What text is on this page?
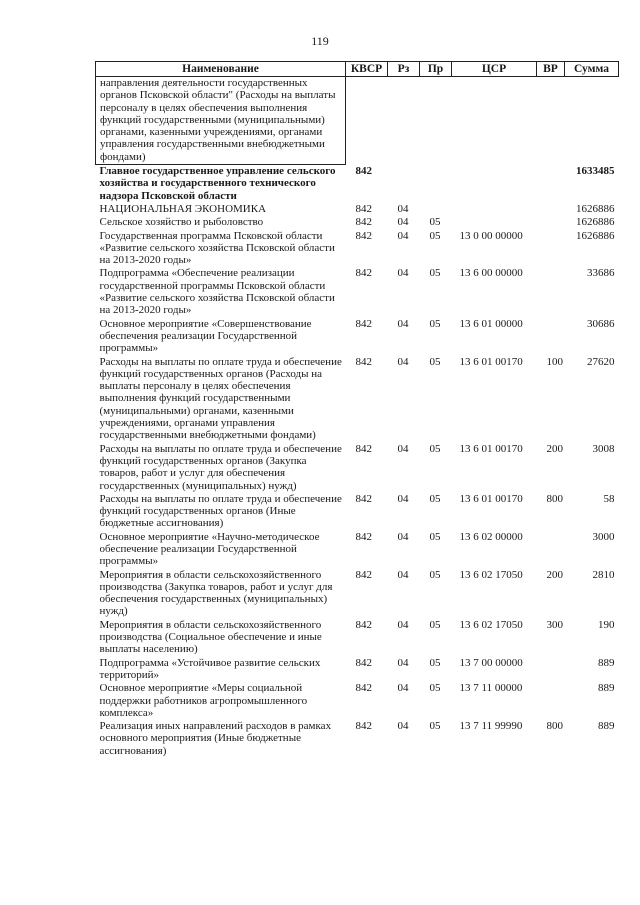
119
Наименование	КВСР	Рз	Пр	ЦСР	ВР	Сумма
направления деятельности государственных органов Псковской области" (Расходы на выплаты персоналу в целях обеспечения выполнения функций государственными (муниципальными) органами, казенными учреждениями, органами управления государственными внебюджетными фондами)						
Главное государственное управление сельского хозяйства и государственного технического надзора Псковской области	842					1633485
НАЦИОНАЛЬНАЯ ЭКОНОМИКА	842	04				1626886
Сельское хозяйство и рыболовство	842	04	05			1626886
Государственная программа Псковской области «Развитие сельского хозяйства Псковской области на 2013-2020 годы»	842	04	05	13 0 00 00000		1626886
Подпрограмма «Обеспечение реализации государственной программы Псковской области «Развитие сельского хозяйства Псковской области на 2013-2020 годы»	842	04	05	13 6 00 00000		33686
Основное мероприятие «Совершенствование обеспечения реализации Государственной программы»	842	04	05	13 6 01 00000		30686
Расходы на выплаты по оплате труда и обеспечение функций государственных органов (Расходы на выплаты персоналу в целях обеспечения выполнения функций государственными (муниципальными) органами, казенными учреждениями, органами управления государственными внебюджетными фондами)	842	04	05	13 6 01 00170	100	27620
Расходы на выплаты по оплате труда и обеспечение функций государственных органов (Закупка товаров, работ и услуг для обеспечения государственных (муниципальных) нужд)	842	04	05	13 6 01 00170	200	3008
Расходы на выплаты по оплате труда и обеспечение функций государственных органов (Иные бюджетные ассигнования)	842	04	05	13 6 01 00170	800	58
Основное мероприятие «Научно-методическое обеспечение реализации Государственной программы»	842	04	05	13 6 02 00000		3000
Мероприятия в области сельскохозяйственного производства (Закупка товаров, работ и услуг для обеспечения государственных (муниципальных) нужд)	842	04	05	13 6 02 17050	200	2810
Мероприятия в области сельскохозяйственного производства (Социальное обеспечение и иные выплаты населению)	842	04	05	13 6 02 17050	300	190
Подпрограмма «Устойчивое развитие сельских территорий»	842	04	05	13 7 00 00000		889
Основное мероприятие «Меры социальной поддержки работников агропромышленного комплекса»	842	04	05	13 7 11 00000		889
Реализация иных направлений расходов в рамках основного мероприятия (Иные бюджетные ассигнования)	842	04	05	13 7 11 99990	800	889
